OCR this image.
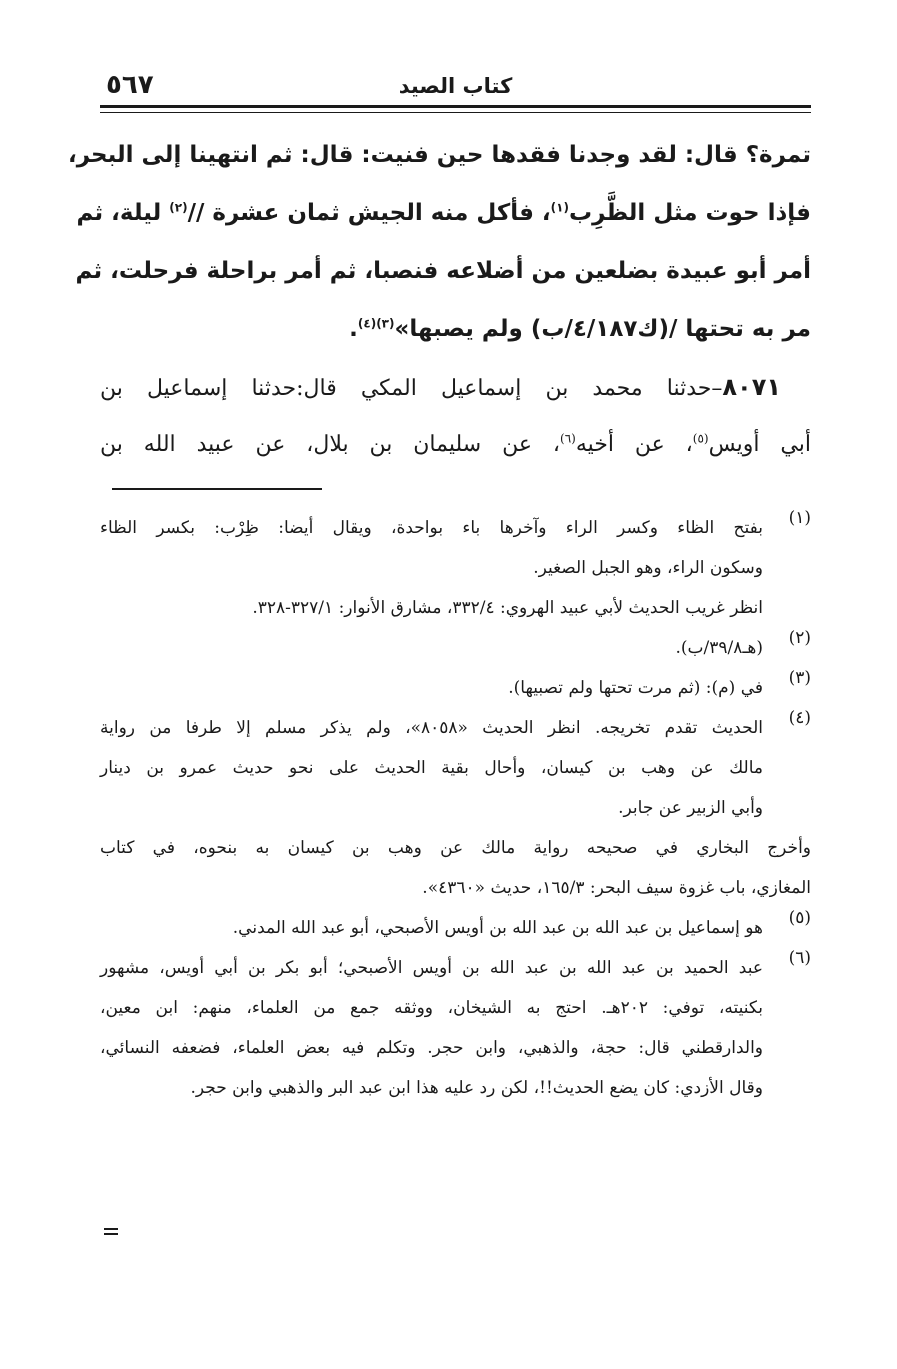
كتاب الصيد
٥٦٧
تمرة؟ قال: لقد وجدنا فقدها حين فنيت: قال: ثم انتهينا إلى البحر،
فإذا حوت مثل الظَّرِب$^{(١)}$، فأكل منه الجيش ثمان عشرة //$^{(٢)}$ ليلة، ثم
أمر أبو عبيدة بضلعين من أضلاعه فنصبا، ثم أمر براحلة فرحلت، ثم
مر به تحتها /(ك٤/١٨٧/ب) ولم يصبها»$^{(٣)(٤)}$.
٨٠٧١–حدثنا محمد بن إسماعيل المكي قال:حدثنا إسماعيل بن
أبي أويس$^{(٥)}$، عن أخيه$^{(٦)}$، عن سليمان بن بلال، عن عبيد الله بن
(١)
بفتح الظاء وكسر الراء وآخرها باء بواحدة، ويقال أيضا: ظِرْب: بكسر الظاء
وسكون الراء، وهو الجبل الصغير.
انظر غريب الحديث لأبي عبيد الهروي: ٣٣٢/٤، مشارق الأنوار: ٣٢٧/١-٣٢٨.
(٢)
(هـ٣٩/٨/ب).
(٣)
في (م): (ثم مرت تحتها ولم تصبيها).
(٤)
الحديث تقدم تخريجه. انظر الحديث «٨٠٥٨»، ولم يذكر مسلم إلا طرفا من رواية
مالك عن وهب بن كيسان، وأحال بقية الحديث على نحو حديث عمرو بن دينار
وأبي الزبير عن جابر.
وأخرج البخاري في صحيحه رواية مالك عن وهب بن كيسان به بنحوه، في كتاب
المغازي، باب غزوة سيف البحر: ١٦٥/٣، حديث «٤٣٦٠».
(٥)
هو إسماعيل بن عبد الله بن عبد الله بن أويس الأصبحي، أبو عبد الله المدني.
(٦)
عبد الحميد بن عبد الله بن عبد الله بن أويس الأصبحي؛ أبو بكر بن أبي أويس، مشهور
بكنيته، توفي: ٢٠٢هـ. احتج به الشيخان، ووثقه جمع من العلماء، منهم: ابن معين،
والدارقطني قال: حجة، والذهبي، وابن حجر. وتكلم فيه بعض العلماء، فضعفه النسائي،
وقال الأزدي: كان يضع الحديث!!، لكن رد عليه هذا ابن عبد البر والذهبي وابن حجر.
